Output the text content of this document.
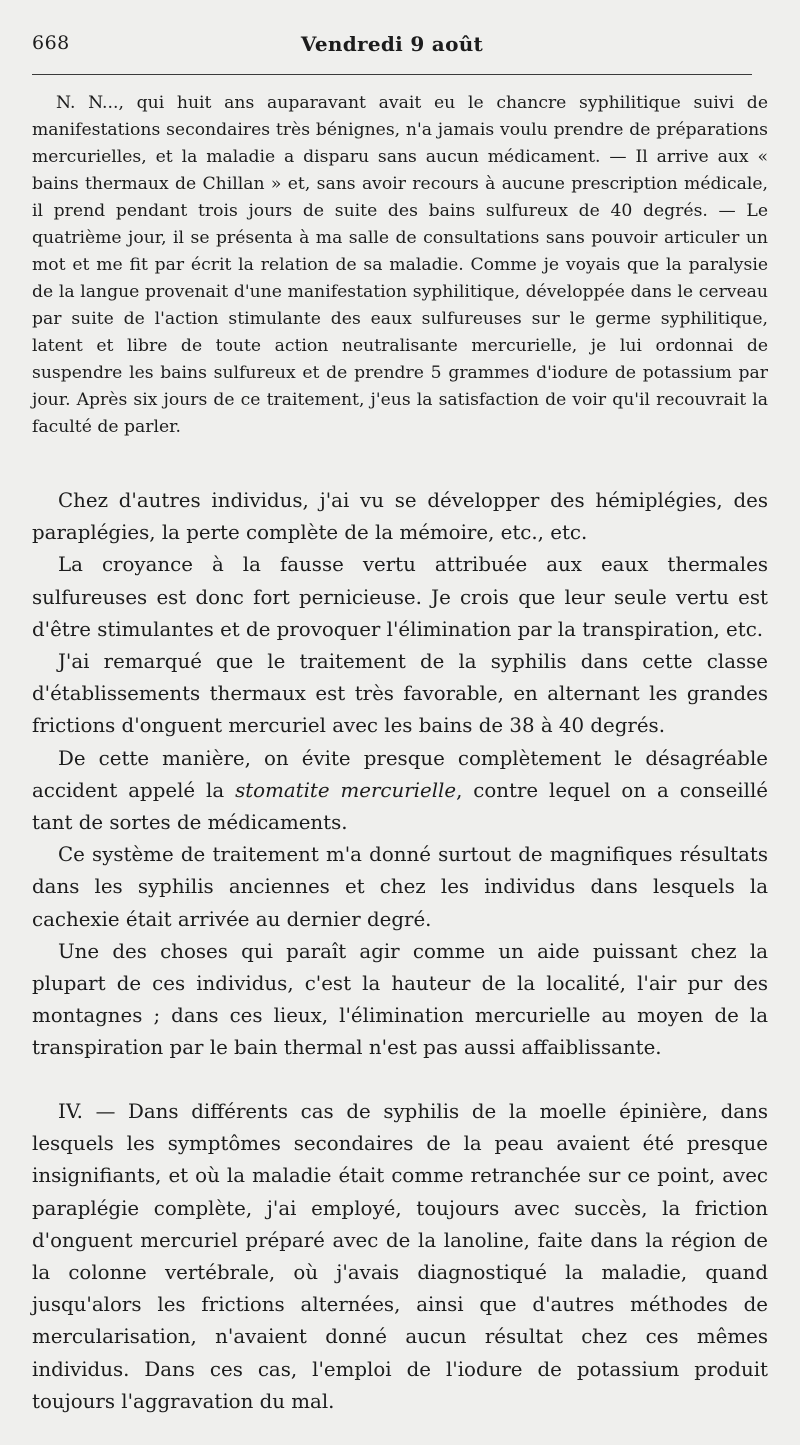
668	Vendredi 9 août

N. N..., qui huit ans auparavant avait eu le chancre syphilitique suivi de manifestations secondaires très bénignes, n'a jamais voulu prendre de préparations mercurielles, et la maladie a disparu sans aucun médicament. — Il arrive aux « bains thermaux de Chillan » et, sans avoir recours à aucune prescription médicale, il prend pendant trois jours de suite des bains sulfureux de 40 degrés. — Le quatrième jour, il se présenta à ma salle de consultations sans pouvoir articuler un mot et me fit par écrit la relation de sa maladie. Comme je voyais que la paralysie de la langue provenait d'une manifestation syphilitique, développée dans le cerveau par suite de l'action stimulante des eaux sulfureuses sur le germe syphilitique, latent et libre de toute action neutralisante mercurielle, je lui ordonnai de suspendre les bains sulfureux et de prendre 5 grammes d'iodure de potassium par jour. Après six jours de ce traitement, j'eus la satisfaction de voir qu'il recouvrait la faculté de parler.

Chez d'autres individus, j'ai vu se développer des hémiplégies, des paraplégies, la perte complète de la mémoire, etc., etc.

La croyance à la fausse vertu attribuée aux eaux thermales sulfureuses est donc fort pernicieuse. Je crois que leur seule vertu est d'être stimulantes et de provoquer l'élimination par la transpiration, etc.

J'ai remarqué que le traitement de la syphilis dans cette classe d'établissements thermaux est très favorable, en alternant les grandes frictions d'onguent mercuriel avec les bains de 38 à 40 degrés.

De cette manière, on évite presque complètement le désagréable accident appelé la stomatite mercurielle, contre lequel on a conseillé tant de sortes de médicaments.

Ce système de traitement m'a donné surtout de magnifiques résultats dans les syphilis anciennes et chez les individus dans lesquels la cachexie était arrivée au dernier degré.

Une des choses qui paraît agir comme un aide puissant chez la plupart de ces individus, c'est la hauteur de la localité, l'air pur des montagnes ; dans ces lieux, l'élimination mercurielle au moyen de la transpiration par le bain thermal n'est pas aussi affaiblissante.

IV. — Dans différents cas de syphilis de la moelle épinière, dans lesquels les symptômes secondaires de la peau avaient été presque insignifiants, et où la maladie était comme retranchée sur ce point, avec paraplégie complète, j'ai employé, toujours avec succès, la friction d'onguent mercuriel préparé avec de la lanoline, faite dans la région de la colonne vertébrale, où j'avais diagnostiqué la maladie, quand jusqu'alors les frictions alternées, ainsi que d'autres méthodes de mercularisation, n'avaient donné aucun résultat chez ces mêmes individus. Dans ces cas, l'emploi de l'iodure de potassium produit toujours l'aggravation du mal.
